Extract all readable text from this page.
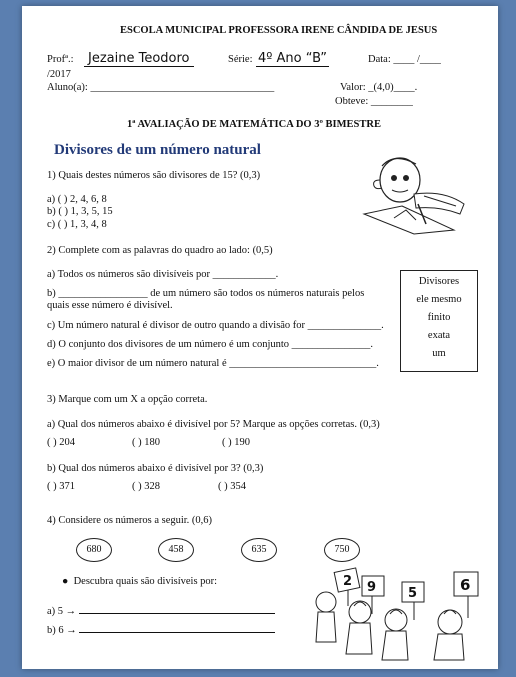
ESCOLA MUNICIPAL PROFESSORA IRENE CÂNDIDA DE JESUS
Profª.:	Jezaine Teodoro	Série: 4º Ano “B”	Data: ____ /____
/2017
Aluno(a): ___________________________________	Valor: _(4,0)____.
Obteve: ________
1ª AVALIAÇÃO DE MATEMÁTICA DO 3º BIMESTRE
Divisores de um número natural
1) Quais destes números são divisores de 15? (0,3)
a) ( ) 2, 4, 6, 8
b) ( ) 1, 3, 5, 15
c) ( ) 1, 3, 4, 8
2) Complete com as palavras do quadro ao lado: (0,5)
a) Todos os números são divisíveis por ____________.
b) _________________ de um número são todos os números naturais pelos
quais esse número é divisível.
c) Um número natural é divisor de outro quando a divisão for ______________.
d) O conjunto dos divisores de um número é um conjunto _______________.
e) O maior divisor de um número natural é ____________________________.
Divisores
ele mesmo
finito
exata
um
3) Marque com um X a opção correta.
a) Qual dos números abaixo é divisível por 5? Marque as opções corretas. (0,3)
( ) 204	( ) 180	( ) 190
b) Qual dos números abaixo é divisível por 3? (0,3)
( ) 371	( ) 328	( ) 354
4) Considere os números a seguir. (0,6)
680	458	635	750
●  Descubra quais são divisíveis por:
a) 5 →
b) 6 →
2 9 5	6
